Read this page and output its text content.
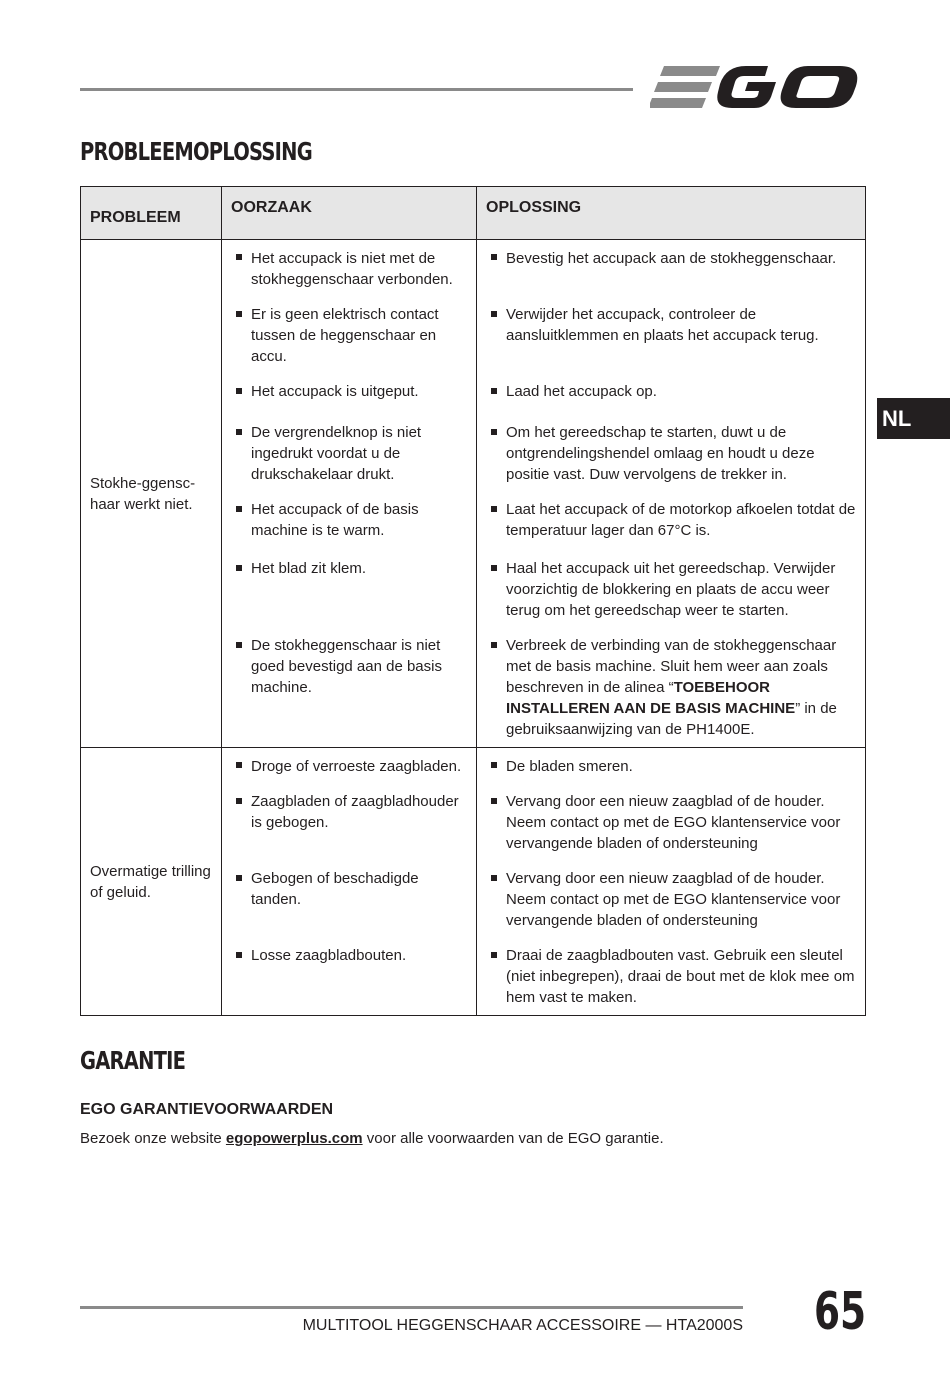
PROBLEEMOPLOSSING
NL
PROBLEEM	OORZAAK	OPLOSSING
Stokhe-ggensc-haar werkt niet.	Het accupack is niet met de stokheggenschaar verbonden.	Bevestig het accupack aan de stokheggenschaar.

	Er is geen elektrisch contact tussen de heggenschaar en accu.	Verwijder het accupack, controleer de aansluitklemmen en plaats het accupack terug.

	Het accupack is uitgeput.	Laad het accupack op.

	De vergrendelknop is niet ingedrukt voordat u de drukschakelaar drukt.	Om het gereedschap te starten, duwt u de ontgrendelingshendel omlaag en houdt u deze positie vast. Duw vervolgens de trekker in.

	Het accupack of de basis machine is te warm.	Laat het accupack of de motorkop afkoelen totdat de temperatuur lager dan 67°C is.

	Het blad zit klem.	Haal het accupack uit het gereedschap. Verwijder voorzichtig de blokkering en plaats de accu weer terug om het gereedschap weer te starten.

	De stokheggenschaar is niet goed bevestigd aan de basis machine.	Verbreek de verbinding van de stokheggenschaar met de basis machine. Sluit hem weer aan zoals beschreven in de alinea “TOEBEHOOR INSTALLEREN AAN DE BASIS MACHINE” in de gebruiksaanwijzing van de PH1400E.

Overmatige trilling of geluid.	Droge of verroeste zaagbladen.	De bladen smeren.

	Zaagbladen of zaagbladhouder is gebogen.	Vervang door een nieuw zaagblad of de houder. Neem contact op met de EGO klantenservice voor vervangende bladen of ondersteuning

	Gebogen of beschadigde tanden.	Vervang door een nieuw zaagblad of de houder. Neem contact op met de EGO klantenservice voor vervangende bladen of ondersteuning

	Losse zaagbladbouten.	Draai de zaagbladbouten vast. Gebruik een sleutel (niet inbegrepen), draai de bout met de klok mee om hem vast te maken.
GARANTIE
EGO GARANTIEVOORWAARDEN

Bezoek onze website egopowerplus.com voor alle voorwaarden van de EGO garantie.

MULTITOOL HEGGENSCHAAR ACCESSOIRE — HTA2000S 65
